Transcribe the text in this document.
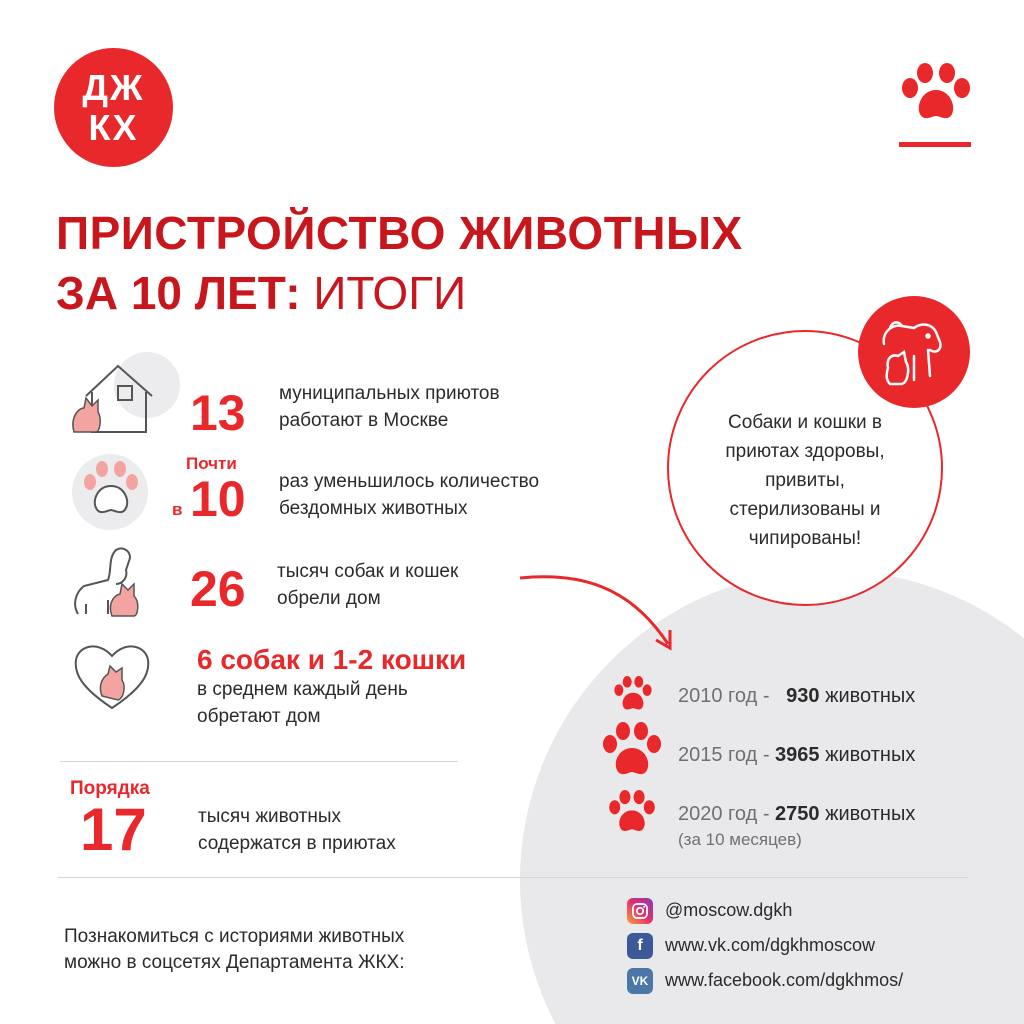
ДЖ
КХ
ПРИСТРОЙСТВО ЖИВОТНЫХ
ЗА 10 ЛЕТ: ИТОГИ
Собаки и кошки в приютах здоровы, привиты, стерилизованы и чипированы!
13 муниципальных приютов
работают в Москве
Почти
в 10 раз уменьшилось количество
бездомных животных
26 тысяч собак и кошек
обрели дом
6 собак и 1-2 кошки
в среднем каждый день
обретают дом
Порядка
17	тысяч животных
содержатся в приютах
2010 год - 930 животных
2015 год - 3965 животных
2020 год - 2750 животных
(за 10 месяцев)
Познакомиться с историями животных
можно в соцсетях Департамента ЖКХ:
@moscow.dgkh
f	www.vk.com/dgkhmoscow
VK www.facebook.com/dgkhmos/
